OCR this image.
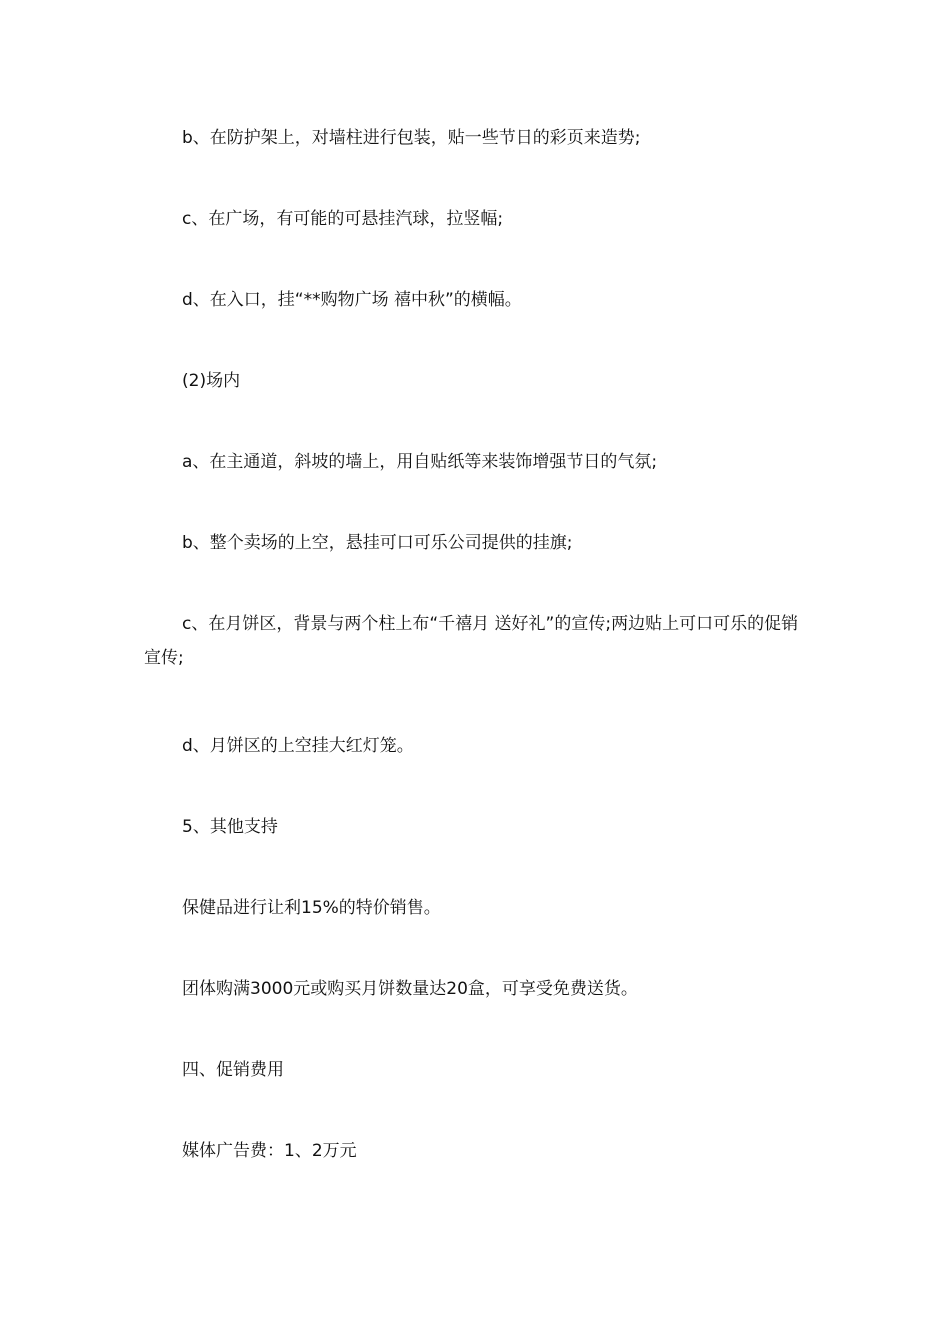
b、在防护架上，对墙柱进行包装，贴一些节日的彩页来造势;

c、在广场，有可能的可悬挂汽球，拉竖幅;

d、在入口，挂“**购物广场 禧中秋”的横幅。

(2)场内

a、在主通道，斜坡的墙上，用自贴纸等来装饰增强节日的气氛;

b、整个卖场的上空，悬挂可口可乐公司提供的挂旗;

c、在月饼区，背景与两个柱上布“千禧月 送好礼”的宣传;两边贴上可口可乐的促销宣传;

d、月饼区的上空挂大红灯笼。

5、其他支持

保健品进行让利15%的特价销售。

团体购满3000元或购买月饼数量达20盒，可享受免费送货。

四、促销费用

媒体广告费：1、2万元
